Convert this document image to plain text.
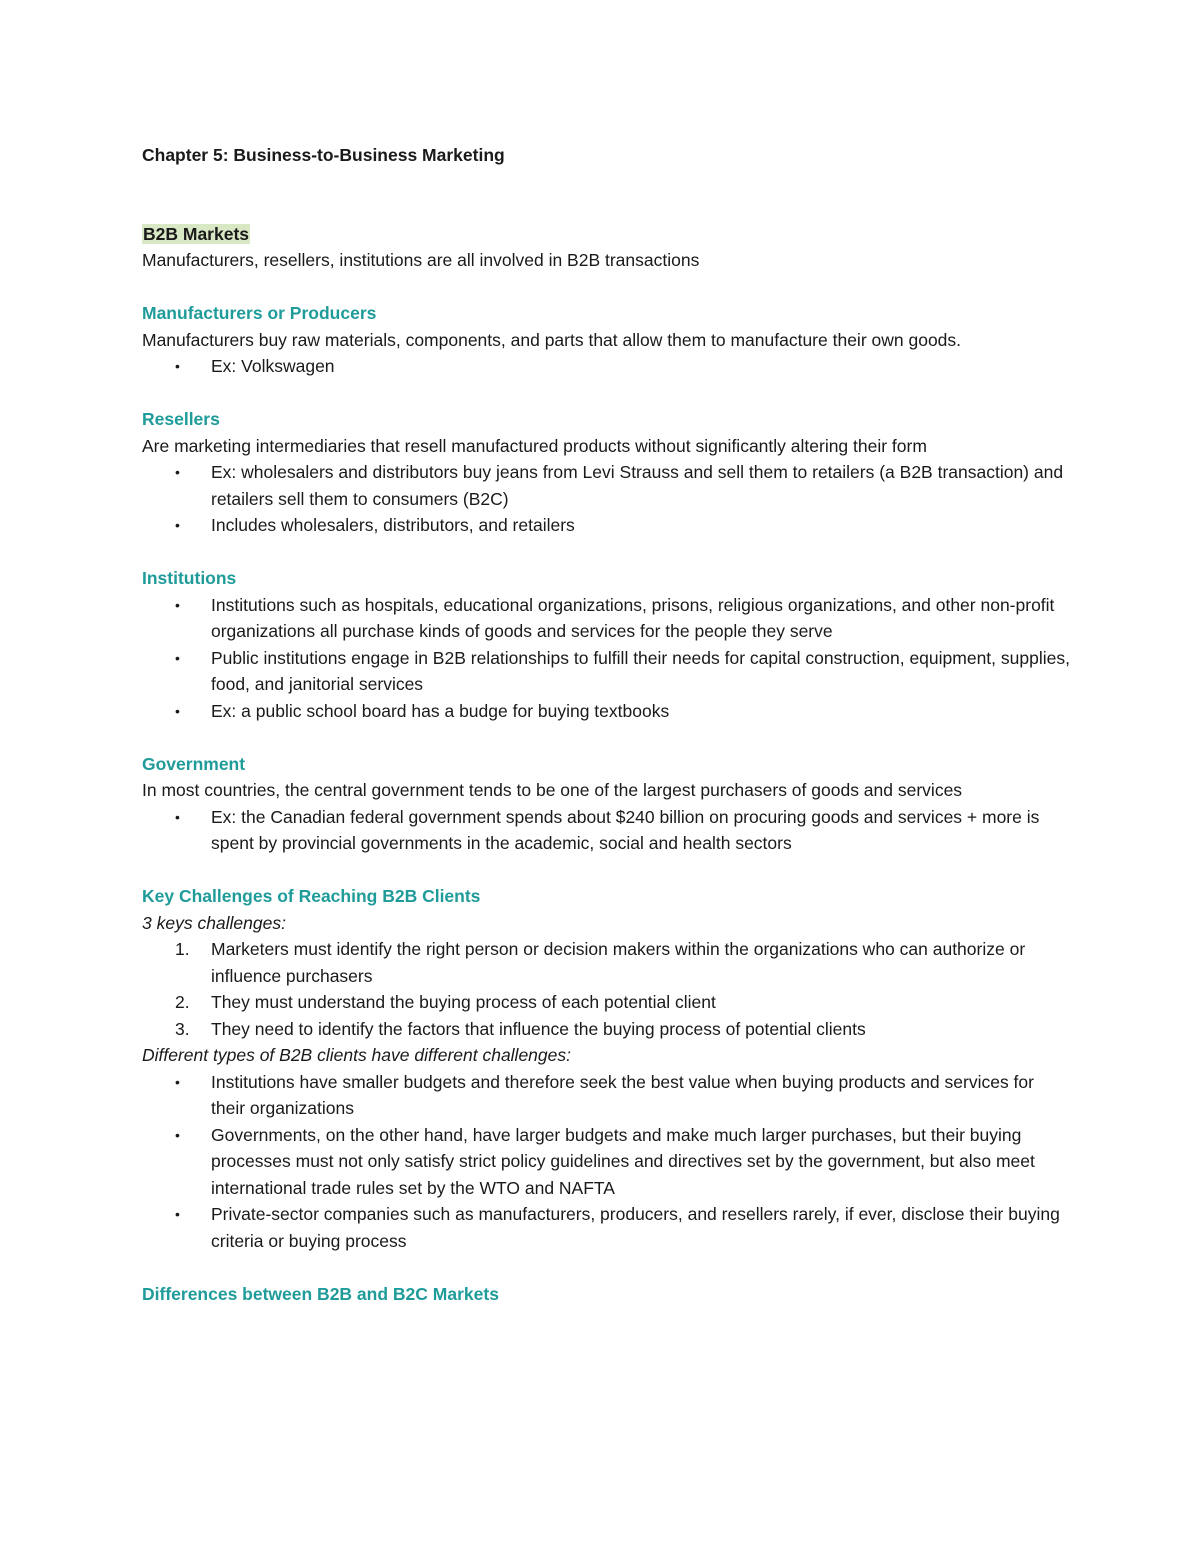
Chapter 5: Business-to-Business Marketing
B2B Markets

Manufacturers, resellers, institutions are all involved in B2B transactions

Manufacturers or Producers

Manufacturers buy raw materials, components, and parts that allow them to manufacture their own goods.

• Ex: Volkswagen

Resellers

Are marketing intermediaries that resell manufactured products without significantly altering their form

• Ex: wholesalers and distributors buy jeans from Levi Strauss and sell them to retailers (a B2B transaction) and retailers sell them to consumers (B2C)
• Includes wholesalers, distributors, and retailers

Institutions

• Institutions such as hospitals, educational organizations, prisons, religious organizations, and other non-profit organizations all purchase kinds of goods and services for the people they serve
• Public institutions engage in B2B relationships to fulfill their needs for capital construction, equipment, supplies, food, and janitorial services
• Ex: a public school board has a budge for buying textbooks

Government

In most countries, the central government tends to be one of the largest purchasers of goods and services

• Ex: the Canadian federal government spends about $240 billion on procuring goods and services + more is spent by provincial governments in the academic, social and health sectors

Key Challenges of Reaching B2B Clients

3 keys challenges:

1. Marketers must identify the right person or decision makers within the organizations who can authorize or influence purchasers
2. They must understand the buying process of each potential client
3. They need to identify the factors that influence the buying process of potential clients

Different types of B2B clients have different challenges:

• Institutions have smaller budgets and therefore seek the best value when buying products and services for their organizations
• Governments, on the other hand, have larger budgets and make much larger purchases, but their buying processes must not only satisfy strict policy guidelines and directives set by the government, but also meet international trade rules set by the WTO and NAFTA
• Private-sector companies such as manufacturers, producers, and resellers rarely, if ever, disclose their buying criteria or buying process

Differences between B2B and B2C Markets
